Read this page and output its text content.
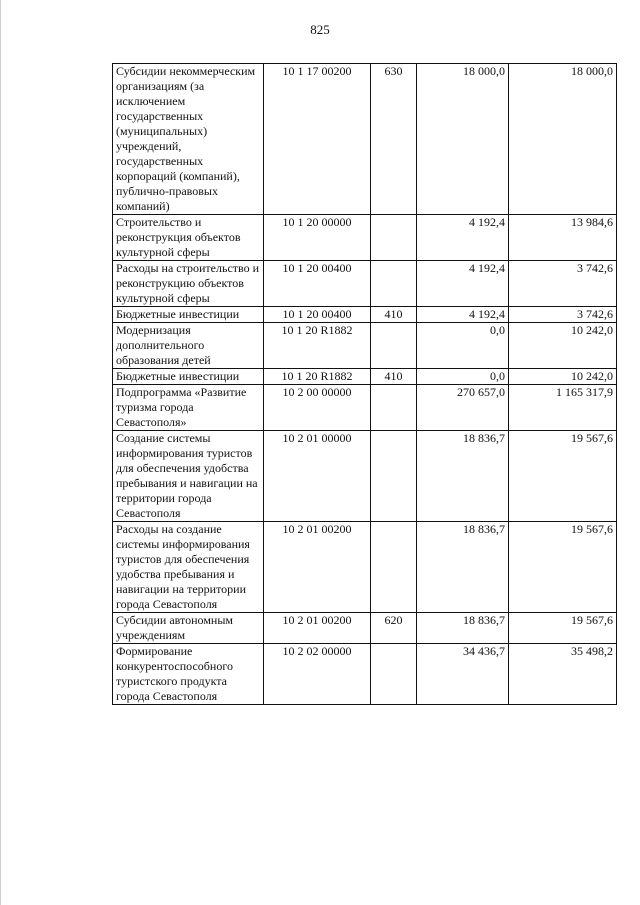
825
Субсидии некоммерческим организациям (за исключением государственных (муниципальных) учреждений, государственных корпораций (компаний), публично-правовых компаний)	10 1 17 00200	630	18 000,0	18 000,0
Строительство и реконструкция объектов культурной сферы	10 1 20 00000		4 192,4	13 984,6
Расходы на строительство и реконструкцию объектов культурной сферы	10 1 20 00400		4 192,4	3 742,6
Бюджетные инвестиции	10 1 20 00400	410	4 192,4	3 742,6
Модернизация дополнительного образования детей	10 1 20 R1882		0,0	10 242,0
Бюджетные инвестиции	10 1 20 R1882	410	0,0	10 242,0
Подпрограмма «Развитие туризма города Севастополя»	10 2 00 00000		270 657,0	1 165 317,9
Создание системы информирования туристов для обеспечения удобства пребывания и навигации на территории города Севастополя	10 2 01 00000		18 836,7	19 567,6
Расходы на создание системы информирования туристов для обеспечения удобства пребывания и навигации на территории города Севастополя	10 2 01 00200		18 836,7	19 567,6
Субсидии автономным учреждениям	10 2 01 00200	620	18 836,7	19 567,6
Формирование конкурентоспособного туристского продукта города Севастополя	10 2 02 00000		34 436,7	35 498,2
